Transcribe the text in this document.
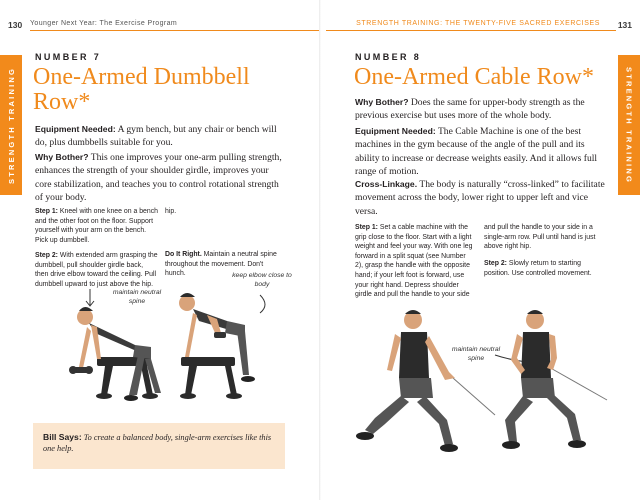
130 Younger Next Year: The Exercise Program
STRENGTH TRAINING
NUMBER 7
One-Armed Dumbbell Row*
Equipment Needed: A gym bench, but any chair or bench will do, plus dumbbells suitable for you.
Why Bother? This one improves your one-arm pulling strength, enhances the strength of your shoulder girdle, improves your core stabilization, and teaches you to control rotational strength of your body.
Step 1: Kneel with one knee on a bench and the other foot on the floor. Support yourself with your arm on the bench. Pick up dumbbell.
Step 2: With extended arm grasping the dumbbell, pull shoulder girdle back, then drive elbow toward the ceiling. Pull dumbbell upward to just above the hip.
hip.
Do It Right. Maintain a neutral spine throughout the movement. Don't hunch.
maintain neutral spine
keep elbow close to body
Bill Says: To create a balanced body, single-arm exercises like this one help.
STRENGTH TRAINING: THE TWENTY-FIVE SACRED EXERCISES 131
STRENGTH TRAINING
NUMBER 8
One-Armed Cable Row*
Why Bother? Does the same for upper-body strength as the previous exercise but uses more of the whole body.
Equipment Needed: The Cable Machine is one of the best machines in the gym because of the angle of the pull and its ability to increase or decrease weights easily. And it allows full range of motion.
Cross-Linkage. The body is naturally “cross-linked” to facilitate movement across the body, lower right to upper left and vice versa.
Step 1: Set a cable machine with the grip close to the floor. Start with a light weight and feel your way. With one leg forward in a split squat (see Number 2), grasp the handle with the opposite hand; if your left foot is forward, use your right hand. Depress shoulder girdle and pull the handle to your side
and pull the handle to your side in a single-arm row. Pull until hand is just above right hip.
Step 2: Slowly return to starting position. Use controlled movement.
maintain neutral spine
